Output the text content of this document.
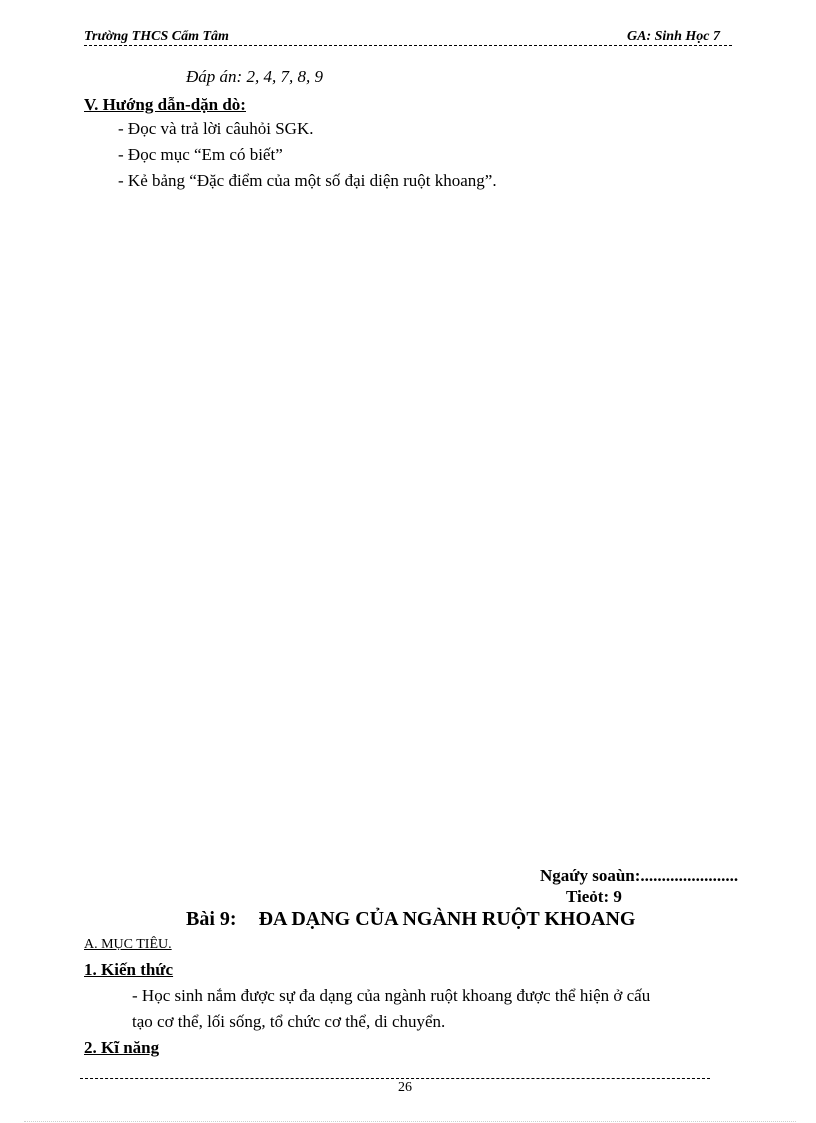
Trường THCS Cẩm Tâm	GA: Sinh Học 7
Đáp án: 2, 4, 7, 8, 9
V. Hướng dẫn-dặn dò:
- Đọc và trả lời câuhỏi SGK.
- Đọc mục “Em có biết”
- Kẻ bảng “Đặc điểm của một số đại diện ruột khoang”.
Ngaứy soaùn:.......................
Tieỏt: 9
Bài 9: ĐA DẠNG CỦA NGÀNH RUỘT KHOANG
A. MỤC TIÊU.
1. Kiến thức
- Học sinh nắm được sự đa dạng của ngành ruột khoang được thể hiện ở cấu
tạo cơ thể, lối sống, tổ chức cơ thể, di chuyển.
2. Kĩ năng
26
